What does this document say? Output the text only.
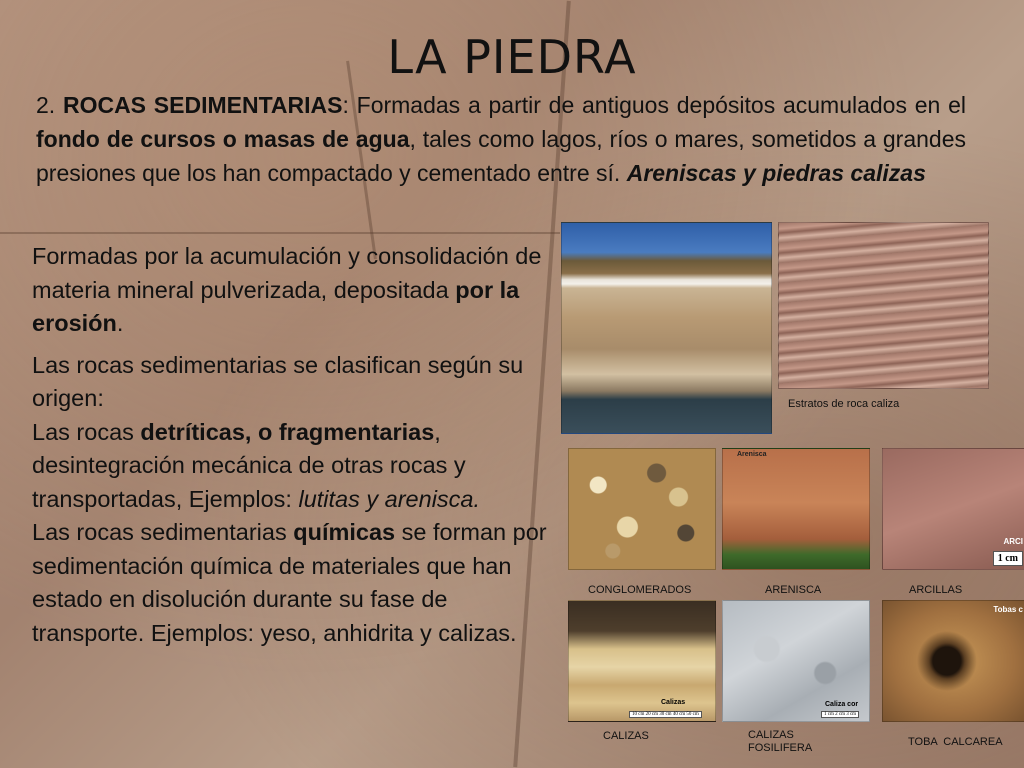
LA PIEDRA
2. ROCAS SEDIMENTARIAS: Formadas a partir de antiguos depósitos acumulados en el fondo de cursos o masas de agua, tales como lagos, ríos o mares, sometidos a grandes presiones que los han compactado y cementado entre sí. Areniscas y piedras calizas

Formadas por la acumulación y consolidación de materia mineral pulverizada, depositada por la erosión.

Las rocas sedimentarias se clasifican según su origen:

Las rocas detríticas, o fragmentarias, desintegración mecánica de otras rocas y transportadas, Ejemplos: lutitas y arenisca.

Las rocas sedimentarias químicas se forman por sedimentación química de materiales que han estado en disolución durante su fase de transporte. Ejemplos: yeso, anhidrita y calizas.

Estratos de roca caliza
CONGLOMERADOS
Arenisca
ARENISCA
ARCI
1 cm
ARCILLAS
Calizas
10 cm 20 cm 30 cm 40 cm 50 cm
CALIZAS
Caliza cor
1 cm 2 cm 3 cm
CALIZAS FOSILIFERA
Tobas c
TOBA  CALCAREA
